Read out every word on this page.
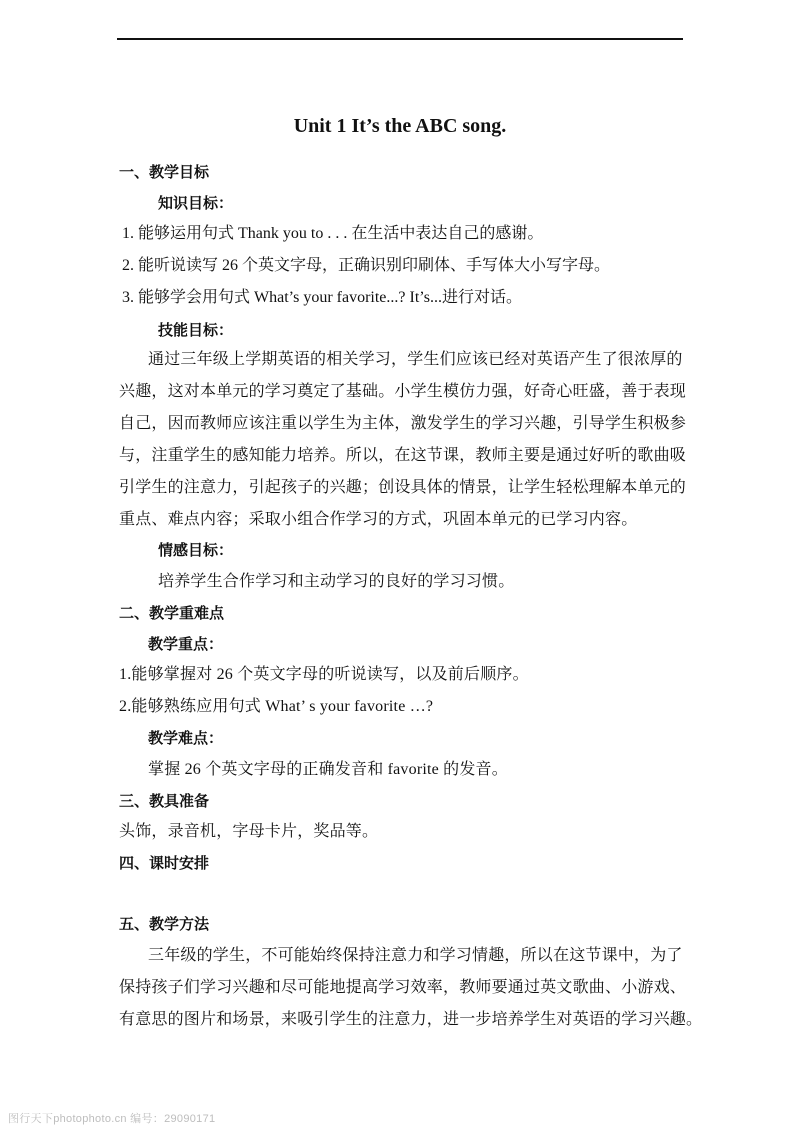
Unit 1 It’s the ABC song.
一、教学目标
知识目标：
1. 能够运用句式 Thank you to . . . 在生活中表达自己的感谢。
2. 能听说读写 26 个英文字母，正确识别印刷体、手写体大小写字母。
3. 能够学会用句式 What’s your favorite...? It’s...进行对话。
技能目标：
通过三年级上学期英语的相关学习，学生们应该已经对英语产生了很浓厚的
兴趣，这对本单元的学习奠定了基础。小学生模仿力强，好奇心旺盛，善于表现
自己，因而教师应该注重以学生为主体，激发学生的学习兴趣，引导学生积极参
与，注重学生的感知能力培养。所以，在这节课，教师主要是通过好听的歌曲吸
引学生的注意力，引起孩子的兴趣；创设具体的情景，让学生轻松理解本单元的
重点、难点内容；采取小组合作学习的方式，巩固本单元的已学习内容。
情感目标：
培养学生合作学习和主动学习的良好的学习习惯。
二、教学重难点
教学重点：
1.能够掌握对 26 个英文字母的听说读写，以及前后顺序。
2.能够熟练应用句式 What’ s your favorite …?
教学难点：
掌握 26 个英文字母的正确发音和 favorite 的发音。
三、教具准备
头饰，录音机，字母卡片，奖品等。
四、课时安排
五、教学方法
三年级的学生，不可能始终保持注意力和学习情趣，所以在这节课中，为了
保持孩子们学习兴趣和尽可能地提高学习效率，教师要通过英文歌曲、小游戏、
有意思的图片和场景，来吸引学生的注意力，进一步培养学生对英语的学习兴趣。
图行天下photophoto.cn 编号：29090171
